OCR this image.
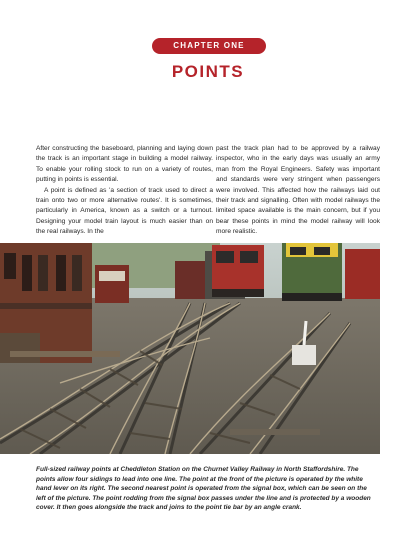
CHAPTER ONE
POINTS

After constructing the baseboard, planning and laying down the track is an important stage in building a model railway. To enable your rolling stock to run on a variety of routes, putting in points is essential.

A point is defined as 'a section of track used to direct a train onto two or more alternative routes'. It is sometimes, particularly in America, known as a switch or a turnout. Designing your model train layout is much easier than on the real railways. In the

past the track plan had to be approved by a railway inspector, who in the early days was usually an army man from the Royal Engineers. Safety was important and standards were very stringent when passengers were involved. This affected how the railways laid out their track and signalling. Often with model railways the limited space available is the main concern, but if you bear these points in mind the model railway will look more realistic.

Full-sized railway points at Cheddleton Station on the Churnet Valley Railway in North Staffordshire. The points allow four sidings to lead into one line. The point at the front of the picture is operated by the white hand lever on its right. The second nearest point is operated from the signal box, which can be seen on the left of the picture. The point rodding from the signal box passes under the line and is protected by a wooden cover. It then goes alongside the track and joins to the point tie bar by an angle crank.
